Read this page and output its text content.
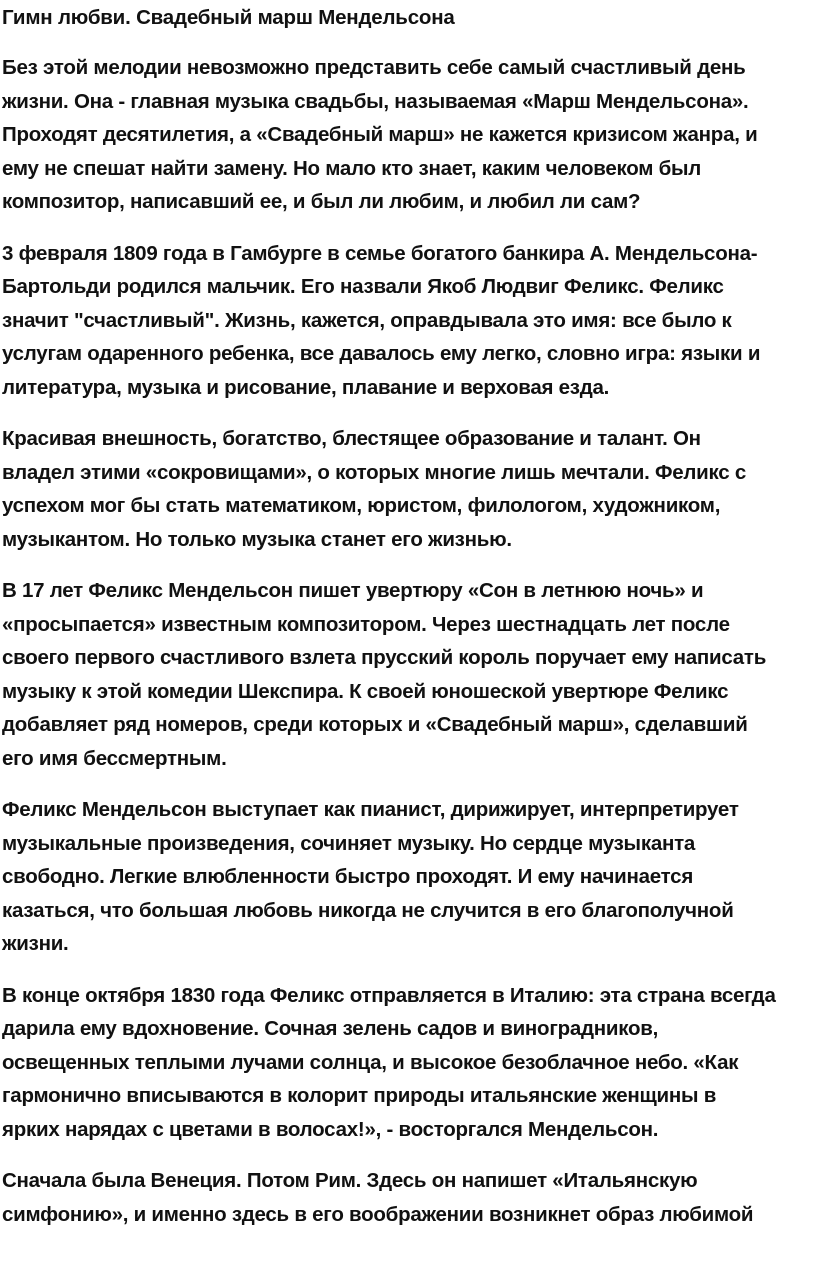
Гимн любви. Свадебный марш Мендельсона
Без этой мелодии невозможно представить себе самый счастливый день
жизни. Она - главная музыка свадьбы, называемая «Марш Мендельсона».
Проходят десятилетия, а «Свадебный марш» не кажется кризисом жанра, и
ему не спешат найти замену. Но мало кто знает, каким человеком был
композитор, написавший ее, и был ли любим, и любил ли сам?
3 февраля 1809 года в Гамбурге в семье богатого банкира А. Мендельсона-
Бартольди родился мальчик. Его назвали Якоб Людвиг Феликс. Феликс
значит "счастливый". Жизнь, кажется, оправдывала это имя: все было к
услугам одаренного ребенка, все давалось ему легко, словно игра: языки и
литература, музыка и рисование, плавание и верховая езда.
Красивая внешность, богатство, блестящее образование и талант. Он
владел этими «сокровищами», о которых многие лишь мечтали. Феликс с
успехом мог бы стать математиком, юристом, филологом, художником,
музыкантом. Но только музыка станет его жизнью.
В 17 лет Феликс Мендельсон пишет увертюру «Сон в летнюю ночь» и
«просыпается» известным композитором. Через шестнадцать лет после
своего первого счастливого взлета прусский король поручает ему написать
музыку к этой комедии Шекспира. К своей юношеской увертюре Феликс
добавляет ряд номеров, среди которых и «Свадебный марш», сделавший
его имя бессмертным.
Феликс Мендельсон выступает как пианист, дирижирует, интерпретирует
музыкальные произведения, сочиняет музыку. Но сердце музыканта
свободно. Легкие влюбленности быстро проходят. И ему начинается
казаться, что большая любовь никогда не случится в его благополучной
жизни.
В конце октября 1830 года Феликс отправляется в Италию: эта страна всегда
дарила ему вдохновение. Сочная зелень садов и виноградников,
освещенных теплыми лучами солнца, и высокое безоблачное небо. «Как
гармонично вписываются в колорит природы итальянские женщины в
ярких нарядах с цветами в волосах!», - восторгался Мендельсон.
Сначала была Венеция. Потом Рим. Здесь он напишет «Итальянскую
симфонию», и именно здесь в его воображении возникнет образ любимой
